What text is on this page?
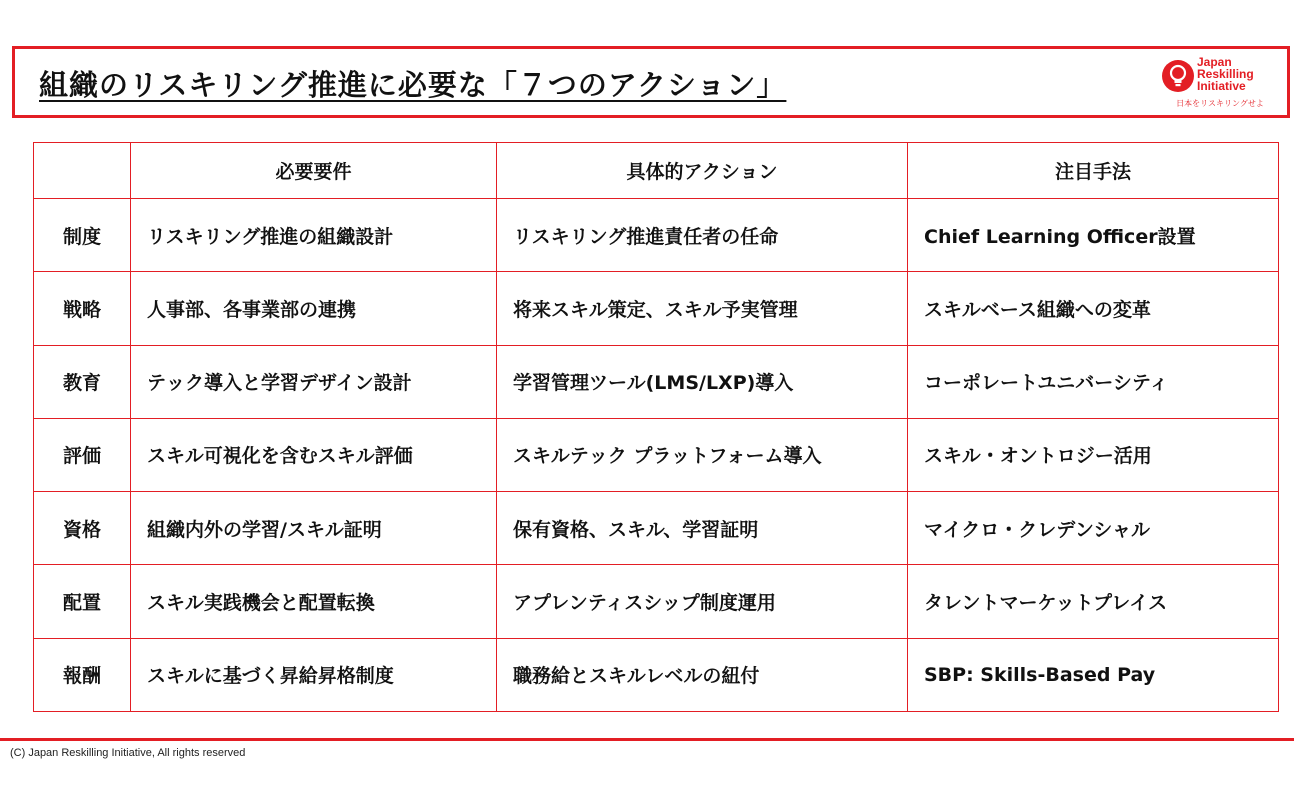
組織のリスキリング推進に必要な「７つのアクション」
Japan
Reskilling
Initiative
日本をリスキリングせよ
	必要要件	具体的アクション	注目手法
制度	リスキリング推進の組織設計	リスキリング推進責任者の任命	Chief Learning Officer設置
戦略	人事部、各事業部の連携	将来スキル策定、スキル予実管理	スキルベース組織への変革
教育	テック導入と学習デザイン設計	学習管理ツール(LMS/LXP)導入	コーポレートユニバーシティ
評価	スキル可視化を含むスキル評価	スキルテック プラットフォーム導入	スキル・オントロジー活用
資格	組織内外の学習/スキル証明	保有資格、スキル、学習証明	マイクロ・クレデンシャル
配置	スキル実践機会と配置転換	アプレンティスシップ制度運用	タレントマーケットプレイス
報酬	スキルに基づく昇給昇格制度	職務給とスキルレベルの紐付	SBP: Skills-Based Pay
(C) Japan Reskilling Initiative, All rights reserved
